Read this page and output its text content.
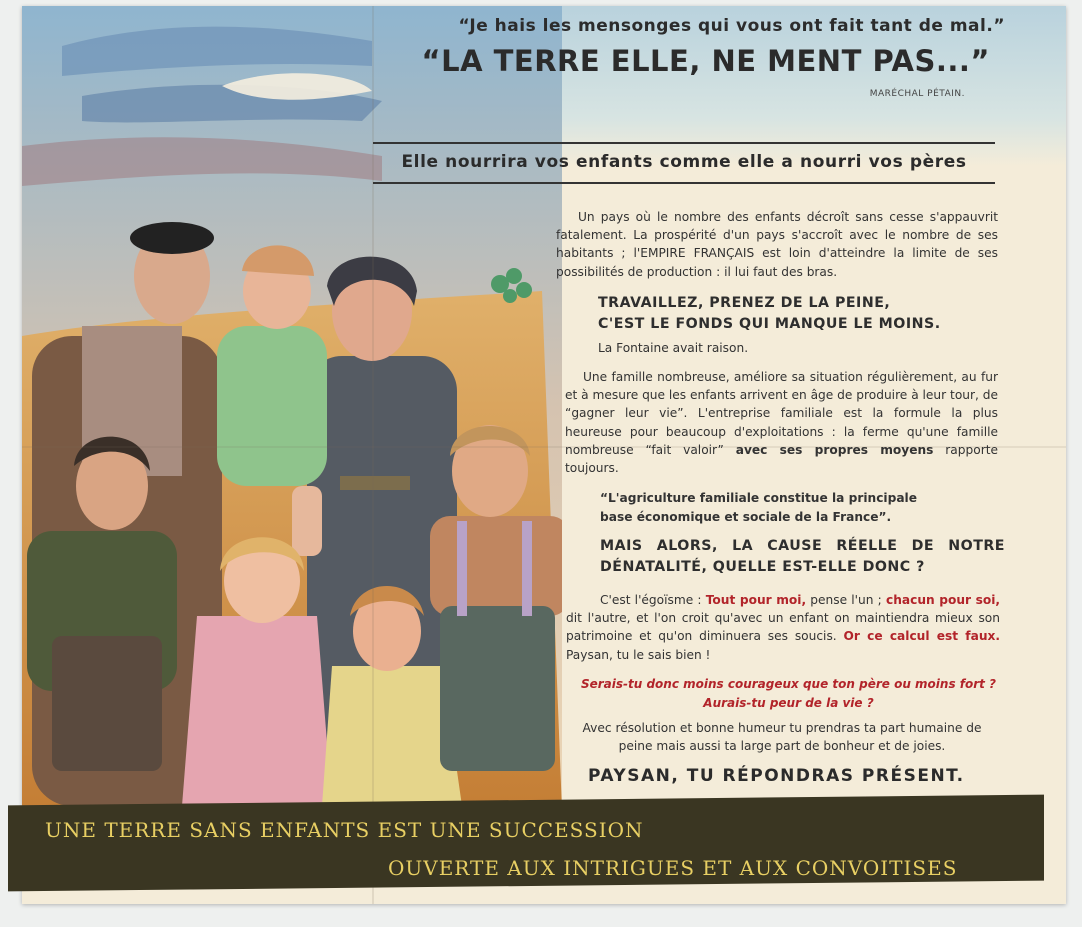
“Je hais les mensonges qui vous ont fait tant de mal.”
“LA TERRE ELLE, NE MENT PAS...”
MARÉCHAL PÉTAIN.
Elle nourrira vos enfants comme elle a nourri vos pères
Un pays où le nombre des enfants décroît sans cesse s'appauvrit fatalement. La prospérité d'un pays s'accroît avec le nombre de ses habitants ; l'EMPIRE FRANÇAIS est loin d'atteindre la limite de ses possibilités de production : il lui faut des bras.
TRAVAILLEZ, PRENEZ DE LA PEINE,
C'EST LE FONDS QUI MANQUE LE MOINS.
La Fontaine avait raison.
Une famille nombreuse, améliore sa situation régulièrement, au fur et à mesure que les enfants arrivent en âge de produire à leur tour, de “gagner leur vie”. L'entreprise familiale est la formule la plus heureuse pour beaucoup d'exploitations : la ferme qu'une famille nombreuse “fait valoir” avec ses propres moyens rapporte toujours.
“L'agriculture familiale constitue la principale
base économique et sociale de la France”.
MAIS ALORS, LA CAUSE RÉELLE DE NOTRE DÉNATALITÉ, QUELLE EST-ELLE DONC ?
C'est l'égoïsme : Tout pour moi, pense l'un ; chacun pour soi, dit l'autre, et l'on croit qu'avec un enfant on maintiendra mieux son patrimoine et qu'on diminuera ses soucis. Or ce calcul est faux. Paysan, tu le sais bien !
Serais-tu donc moins courageux que ton père ou moins fort ?
Aurais-tu peur de la vie ?
Avec résolution et bonne humeur tu prendras ta part humaine de peine mais aussi ta large part de bonheur et de joies.
PAYSAN, TU RÉPONDRAS PRÉSENT.
UNE TERRE SANS ENFANTS EST UNE SUCCESSION
OUVERTE AUX INTRIGUES ET AUX CONVOITISES
